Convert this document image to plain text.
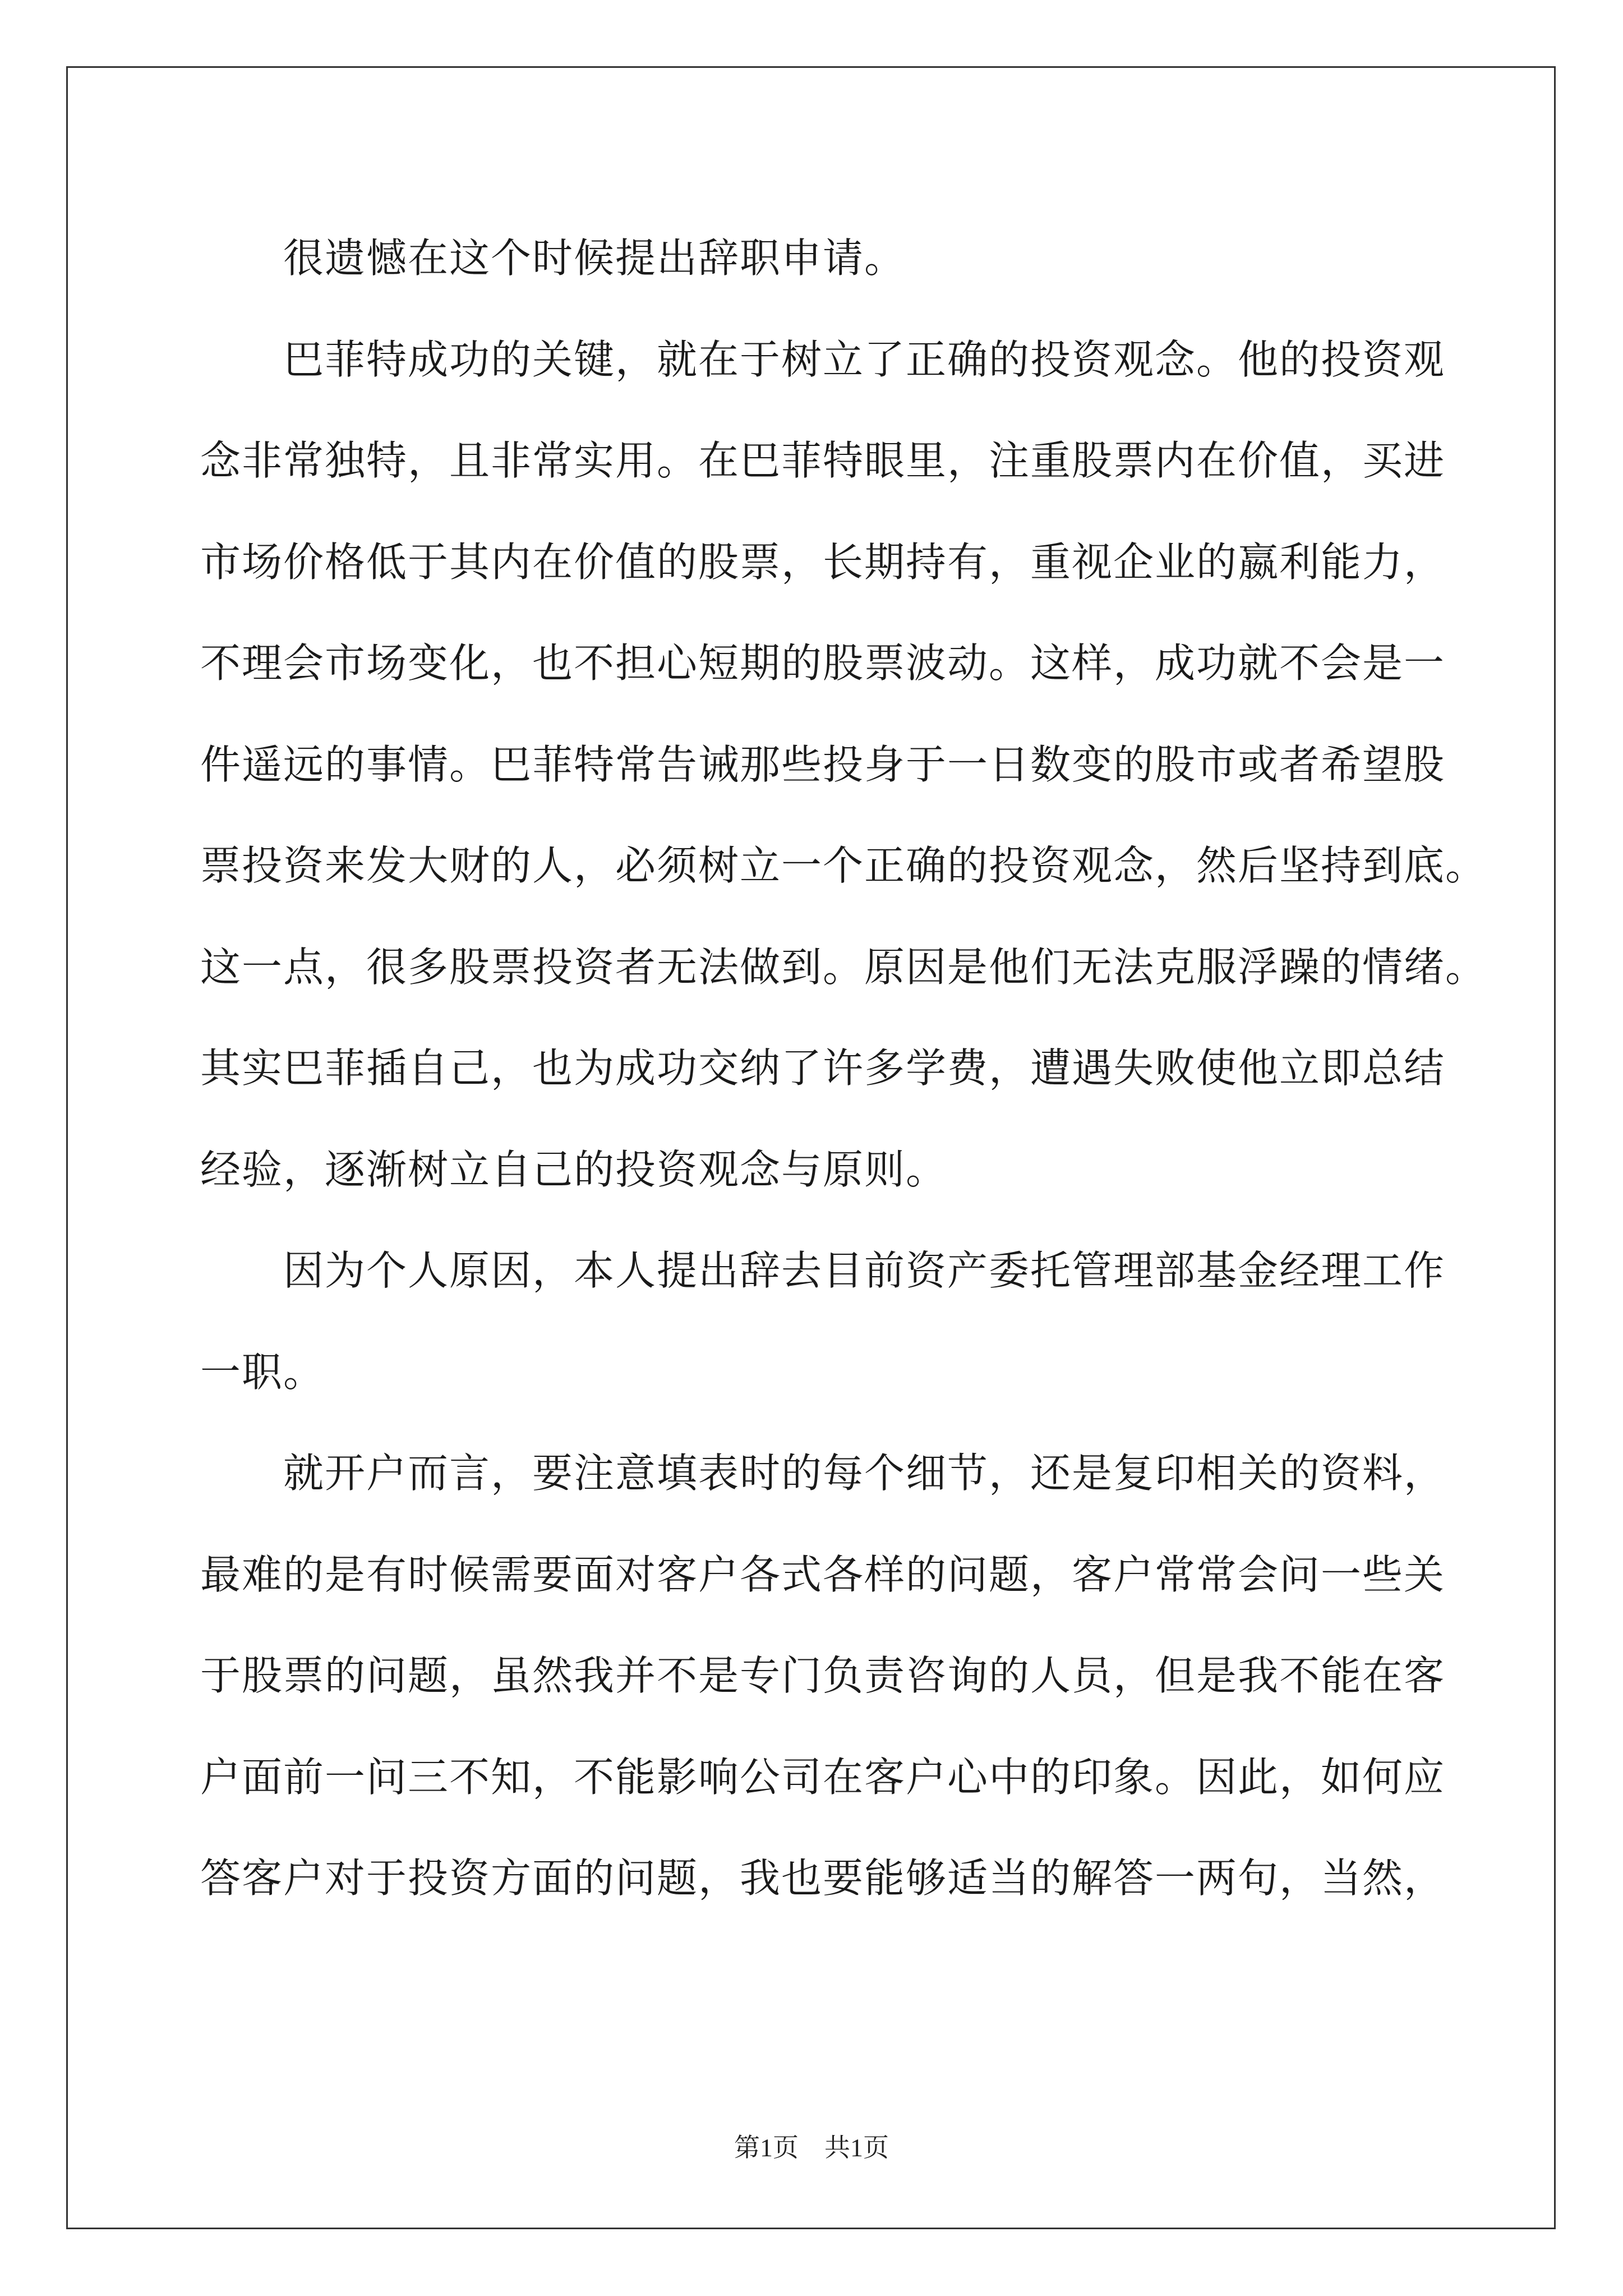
很遗憾在这个时候提出辞职申请。

巴菲特成功的关键，就在于树立了正确的投资观念。他的投资观
念非常独特，且非常实用。在巴菲特眼里，注重股票内在价值，买进
市场价格低于其内在价值的股票，长期持有，重视企业的嬴利能力，
不理会市场变化，也不担心短期的股票波动。这样，成功就不会是一
件遥远的事情。巴菲特常告诫那些投身于一日数变的股市或者希望股
票投资来发大财的人，必须树立一个正确的投资观念，然后坚持到底。
这一点，很多股票投资者无法做到。原因是他们无法克服浮躁的情绪。
其实巴菲插自己，也为成功交纳了许多学费，遭遇失败使他立即总结
经验，逐渐树立自己的投资观念与原则。

因为个人原因，本人提出辞去目前资产委托管理部基金经理工作
一职。

就开户而言，要注意填表时的每个细节，还是复印相关的资料，
最难的是有时候需要面对客户各式各样的问题，客户常常会问一些关
于股票的问题，虽然我并不是专门负责咨询的人员，但是我不能在客
户面前一问三不知，不能影响公司在客户心中的印象。因此，如何应
答客户对于投资方面的问题，我也要能够适当的解答一两句，当然，

第1页 共1页
